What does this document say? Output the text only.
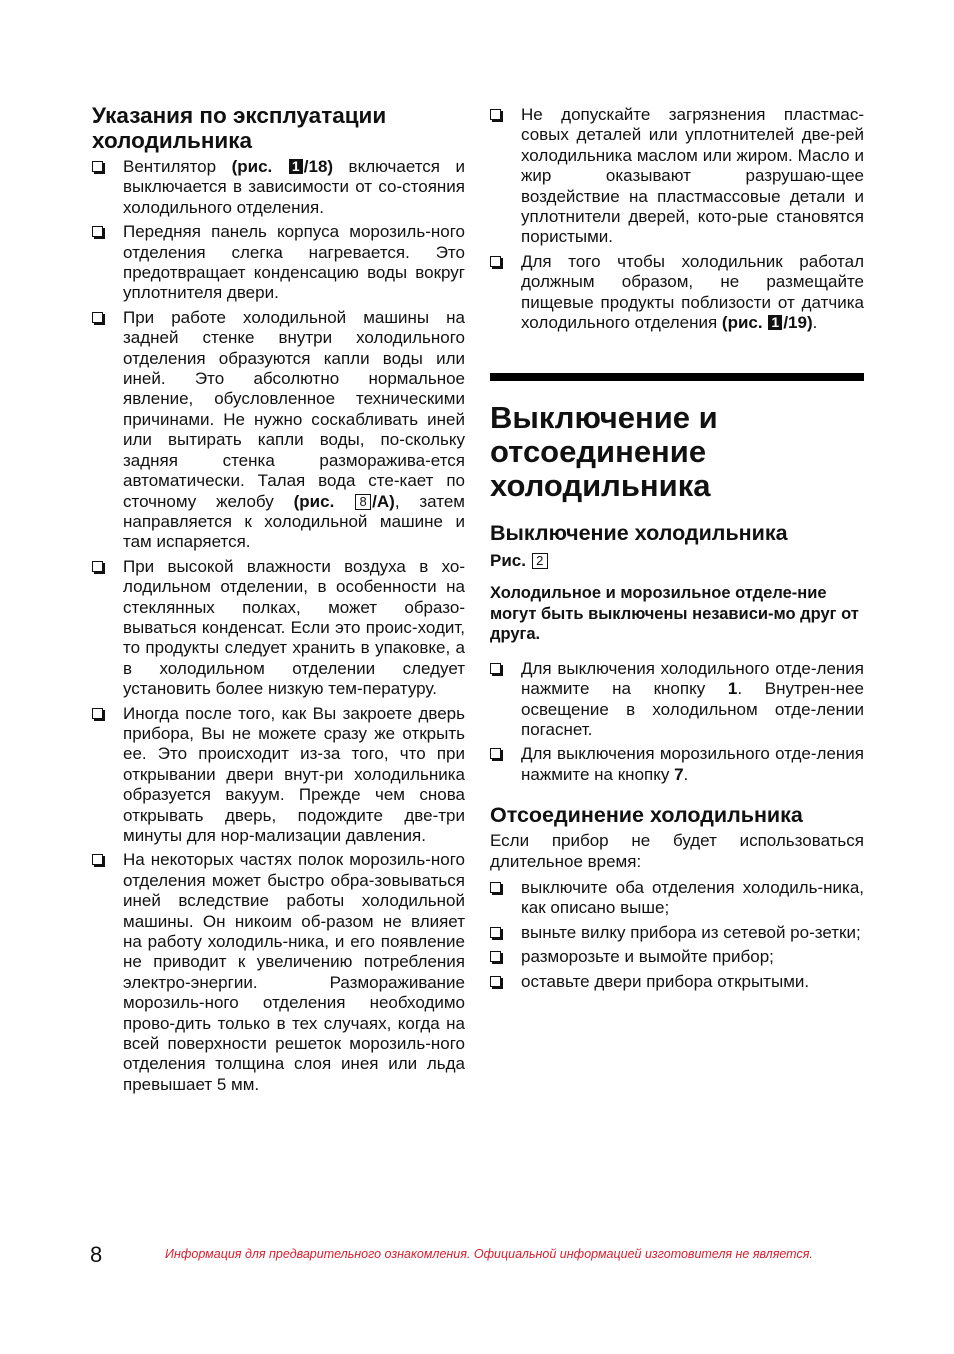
Указания по эксплуатации холодильника
Вентилятор (рис. 1 /18) включается и выключается в зависимости от со-стояния холодильного отделения.
Передняя панель корпуса морозиль-ного отделения слегка нагревается. Это предотвращает конденсацию воды вокруг уплотнителя двери.
При работе холодильной машины на задней стенке внутри холодильного отделения образуются капли воды или иней. Это абсолютно нормальное явление, обусловленное техническими причинами. Не нужно соскабливать иней или вытирать капли воды, по-скольку задняя стенка разморажива-ется автоматически. Талая вода сте-кает по сточному желобу (рис. 8 /A), затем направляется к холодильной машине и там испаряется.
При высокой влажности воздуха в хо-лодильном отделении, в особенности на стеклянных полках, может образо-вываться конденсат. Если это проис-ходит, то продукты следует хранить в упаковке, а в холодильном отделении следует установить более низкую тем-пературу.
Иногда после того, как Вы закроете дверь прибора, Вы не можете сразу же открыть ее. Это происходит из-за того, что при открывании двери внут-ри холодильника образуется вакуум. Прежде чем снова открывать дверь, подождите две-три минуты для нор-мализации давления.
На некоторых частях полок морозиль-ного отделения может быстро обра-зовываться иней вследствие работы холодильной машины. Он никоим об-разом не влияет на работу холодиль-ника, и его появление не приводит к увеличению потребления электро-энергии. Размораживание морозиль-ного отделения необходимо прово-дить только в тех случаях, когда на всей поверхности решеток морозиль-ного отделения толщина слоя инея или льда превышает 5 мм.
Не допускайте загрязнения пластмас-совых деталей или уплотнителей две-рей холодильника маслом или жиром. Масло и жир оказывают разрушаю-щее воздействие на пластмассовые детали и уплотнители дверей, кото-рые становятся пористыми.
Для того чтобы холодильник работал должным образом, не размещайте пищевые продукты поблизости от датчика холодильного отделения (рис. 1 /19).
Выключение и отсоединение холодильника
Выключение холодильника
Рис. 2

Холодильное и морозильное отделе-ние могут быть выключены независи-мо друг от друга.

Для выключения холодильного отде-ления нажмите на кнопку 1. Внутрен-нее освещение в холодильном отде-лении погаснет.
Для выключения морозильного отде-ления нажмите на кнопку 7.
Отсоединение холодильника

Если прибор не будет использоваться длительное время:

выключите оба отделения холодиль-ника, как описано выше;
выньте вилку прибора из сетевой ро-зетки;
разморозьте и вымойте прибор;
оставьте двери прибора открытыми.
8	Информация для предварительного ознакомления. Официальной информацией изготовителя не является.
